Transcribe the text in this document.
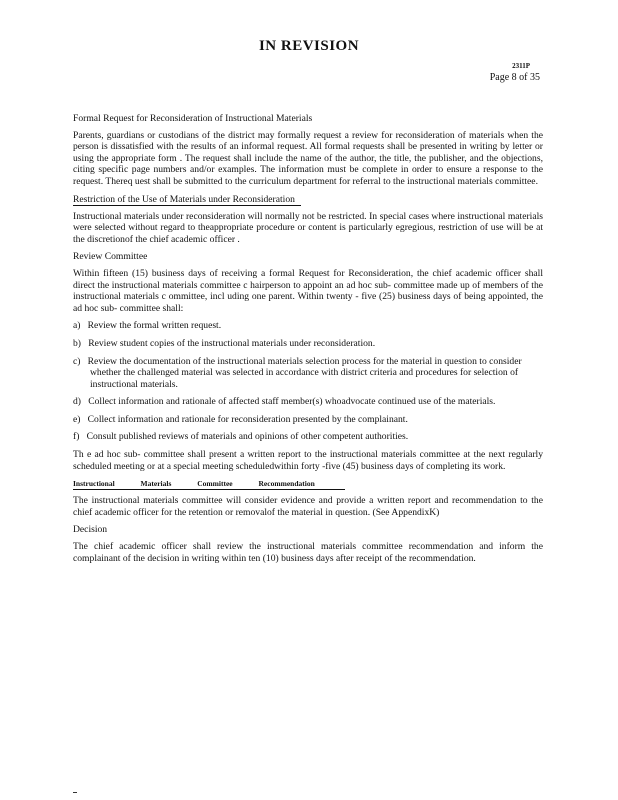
IN REVISION
2311P
Page 8 of 35
Formal Request for Reconsideration of Instructional Materials
Parents, guardians or custodians of the district may formally request a review for reconsideration of materials when the person is dissatisfied with the results of an informal request. All formal requests shall be presented in writing by letter or using the appropriate form . The request shall include the name of the author, the title, the publisher, and the objections, citing specific page numbers and/or examples. The information must be complete in order to ensure a response to the request. Thereq uest shall be submitted to the curriculum department for referral to the instructional materials committee.
Restriction of the Use of Materials under Reconsideration
Instructional materials under reconsideration will normally not be restricted. In special cases where instructional materials were selected without regard to theappropriate procedure or content is particularly egregious, restriction of use will be at the discretionof the chief academic officer .
Review Committee
Within fifteen (15) business days of receiving a formal Request for Reconsideration, the chief academic officer shall direct the instructional materials committee c hairperson to appoint an ad hoc sub- committee made up of members of the instructional materials c ommittee, incl uding one parent. Within twenty - five (25) business days of being appointed, the ad hoc sub- committee shall:
a) Review the formal written request.
b) Review student copies of the instructional materials under reconsideration.
c) Review the documentation of the instructional materials selection process for the material in question to consider whether the challenged material was selected in accordance with district criteria and procedures for selection of instructional materials.
d) Collect information and rationale of affected staff member(s) whoadvocate continued use of the materials.
e) Collect information and rationale for reconsideration presented by the complainant.
f) Consult published reviews of materials and opinions of other competent authorities.
Th e ad hoc sub- committee shall present a written report to the instructional materials committee at the next regularly scheduled meeting or at a special meeting scheduledwithin forty -five (45) business days of completing its work.
Instructional Materials Committee Recommendation
The instructional materials committee will consider evidence and provide a written report and recommendation to the chief academic officer for the retention or removalof the material in question. (See AppendixK)
Decision
The chief academic officer shall review the instructional materials committee recommendation and inform the complainant of the decision in writing within ten (10) business days after receipt of the recommendation.
